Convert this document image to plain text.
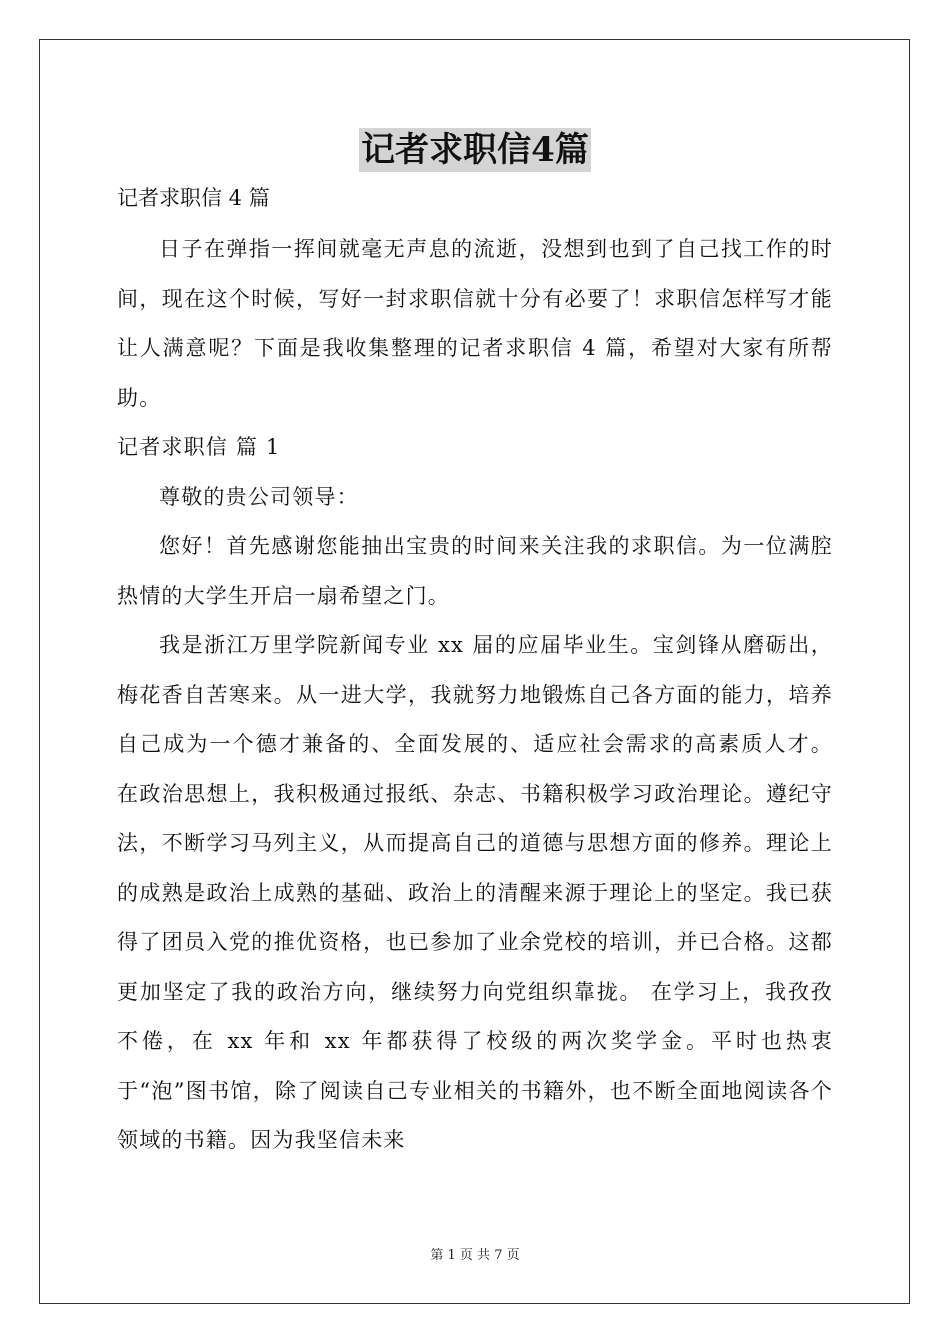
记者求职信4篇
记者求职信 4 篇

日子在弹指一挥间就毫无声息的流逝，没想到也到了自己找工作的时间，现在这个时候，写好一封求职信就十分有必要了！求职信怎样写才能让人满意呢？下面是我收集整理的记者求职信 4 篇，希望对大家有所帮助。

记者求职信 篇 1

尊敬的贵公司领导：

您好！首先感谢您能抽出宝贵的时间来关注我的求职信。为一位满腔热情的大学生开启一扇希望之门。

我是浙江万里学院新闻专业 xx 届的应届毕业生。宝剑锋从磨砺出，梅花香自苦寒来。从一进大学，我就努力地锻炼自己各方面的能力，培养自己成为一个德才兼备的、全面发展的、适应社会需求的高素质人才。 在政治思想上，我积极通过报纸、杂志、书籍积极学习政治理论。遵纪守法，不断学习马列主义，从而提高自己的道德与思想方面的修养。理论上的成熟是政治上成熟的基础、政治上的清醒来源于理论上的坚定。我已获得了团员入党的推优资格，也已参加了业余党校的培训，并已合格。这都更加坚定了我的政治方向，继续努力向党组织靠拢。 在学习上，我孜孜不倦，在 xx 年和 xx 年都获得了校级的两次奖学金。平时也热衷于“泡”图书馆，除了阅读自己专业相关的书籍外，也不断全面地阅读各个领域的书籍。因为我坚信未来

第 1 页 共 7 页
